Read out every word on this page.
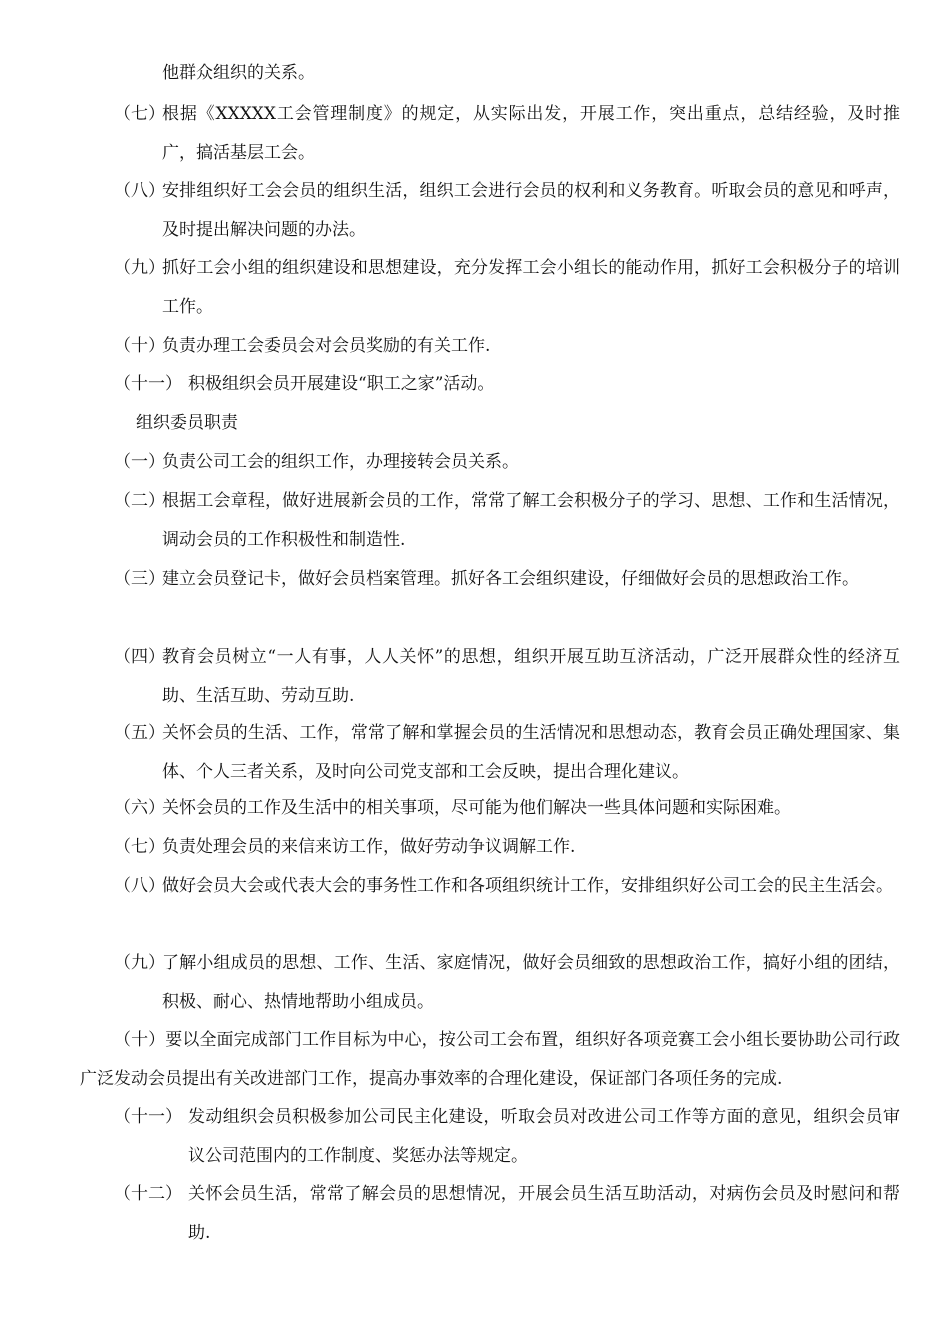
他群众组织的关系。
（七）
根据《XXXXX工会管理制度》的规定，从实际出发，开展工作，突出重点，总结经验，及时推广，搞活基层工会。
（八）
安排组织好工会会员的组织生活，组织工会进行会员的权利和义务教育。听取会员的意见和呼声，及时提出解决问题的办法。
（九）
抓好工会小组的组织建设和思想建设，充分发挥工会小组长的能动作用，抓好工会积极分子的培训工作。
（十）
负责办理工会委员会对会员奖励的有关工作.
（十一） 积极组织会员开展建设“职工之家”活动。
组织委员职责
（一）
负责公司工会的组织工作，办理接转会员关系。
（二）
根据工会章程，做好进展新会员的工作，常常了解工会积极分子的学习、思想、工作和生活情况，调动会员的工作积极性和制造性.
（三）
建立会员登记卡，做好会员档案管理。抓好各工会组织建设，仔细做好会员的思想政治工作。
（四）
教育会员树立“一人有事，人人关怀”的思想，组织开展互助互济活动，广泛开展群众性的经济互助、生活互助、劳动互助.
（五）
关怀会员的生活、工作，常常了解和掌握会员的生活情况和思想动态，教育会员正确处理国家、集体、个人三者关系，及时向公司党支部和工会反映，提出合理化建议。
（六）
关怀会员的工作及生活中的相关事项，尽可能为他们解决一些具体问题和实际困难。
（七）
负责处理会员的来信来访工作，做好劳动争议调解工作.
（八）
做好会员大会或代表大会的事务性工作和各项组织统计工作，安排组织好公司工会的民主生活会。
（九）
了解小组成员的思想、工作、生活、家庭情况，做好会员细致的思想政治工作，搞好小组的团结，积极、耐心、热情地帮助小组成员。
（十）要以全面完成部门工作目标为中心，按公司工会布置，组织好各项竞赛工会小组长要协助公司行政广泛发动会员提出有关改进部门工作，提高办事效率的合理化建设，保证部门各项任务的完成.
（十一） 发动组织会员积极参加公司民主化建设，听取会员对改进公司工作等方面的意见，组织会员审议公司范围内的工作制度、奖惩办法等规定。
（十二） 关怀会员生活，常常了解会员的思想情况，开展会员生活互助活动，对病伤会员及时慰问和帮助.
